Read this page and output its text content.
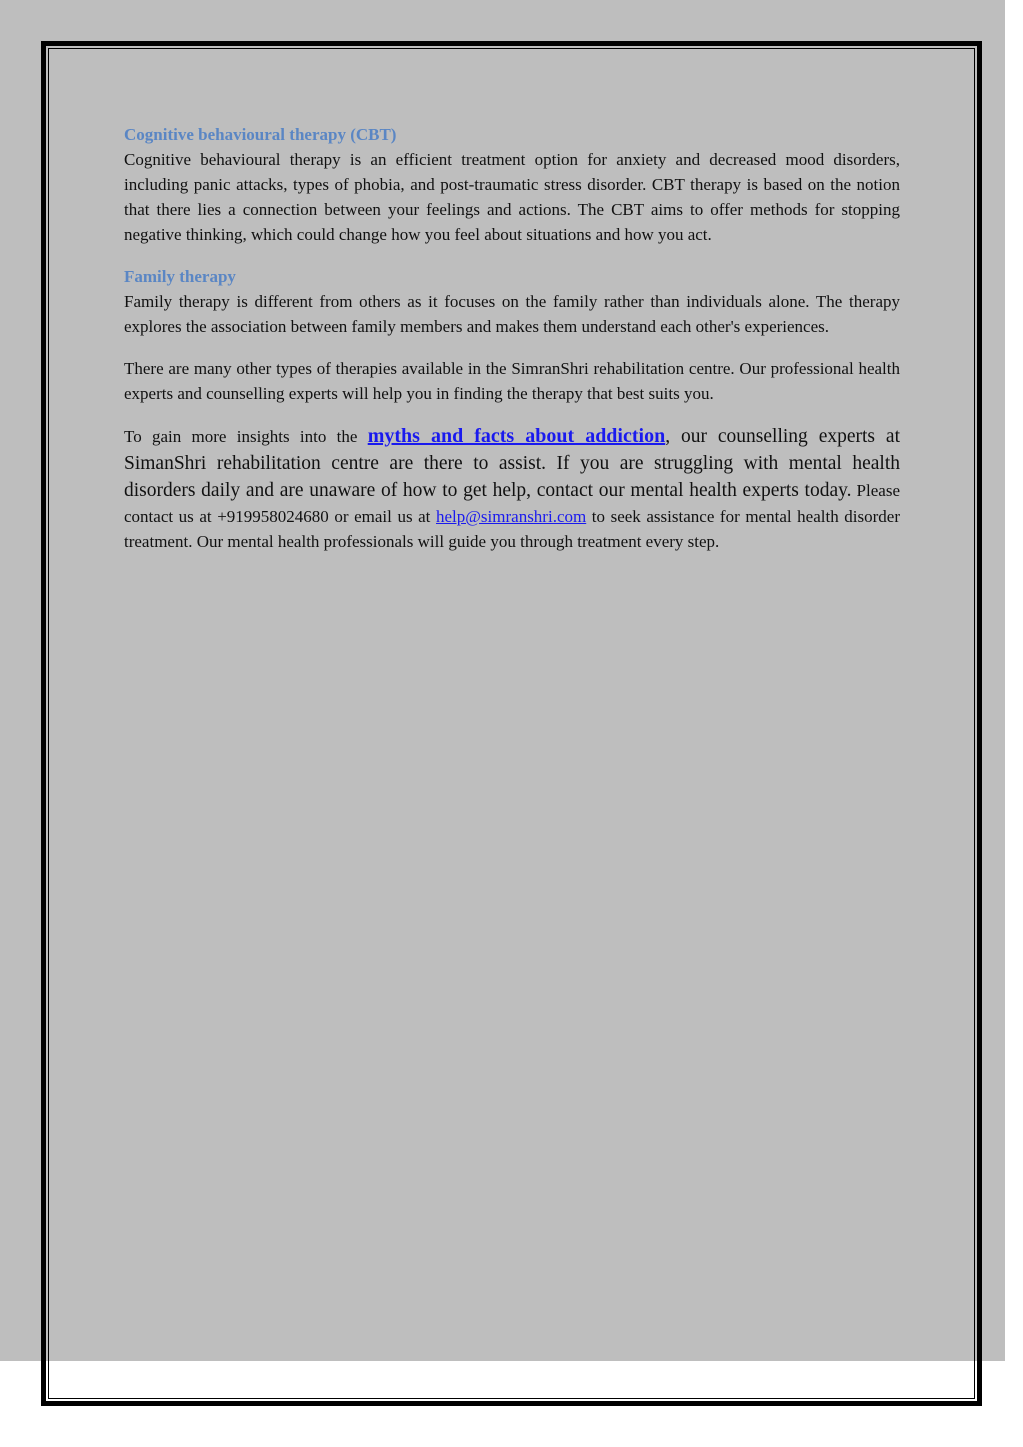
Cognitive behavioural therapy (CBT)

Cognitive behavioural therapy is an efficient treatment option for anxiety and decreased mood disorders, including panic attacks, types of phobia, and post-traumatic stress disorder. CBT therapy is based on the notion that there lies a connection between your feelings and actions. The CBT aims to offer methods for stopping negative thinking, which could change how you feel about situations and how you act.

Family therapy

Family therapy is different from others as it focuses on the family rather than individuals alone. The therapy explores the association between family members and makes them understand each other's experiences.

There are many other types of therapies available in the SimranShri rehabilitation centre. Our professional health experts and counselling experts will help you in finding the therapy that best suits you.

To gain more insights into the myths and facts about addiction, our counselling experts at SimanShri rehabilitation centre are there to assist. If you are struggling with mental health disorders daily and are unaware of how to get help, contact our mental health experts today. Please contact us at +919958024680 or email us at help@simranshri.com to seek assistance for mental health disorder treatment. Our mental health professionals will guide you through treatment every step.
